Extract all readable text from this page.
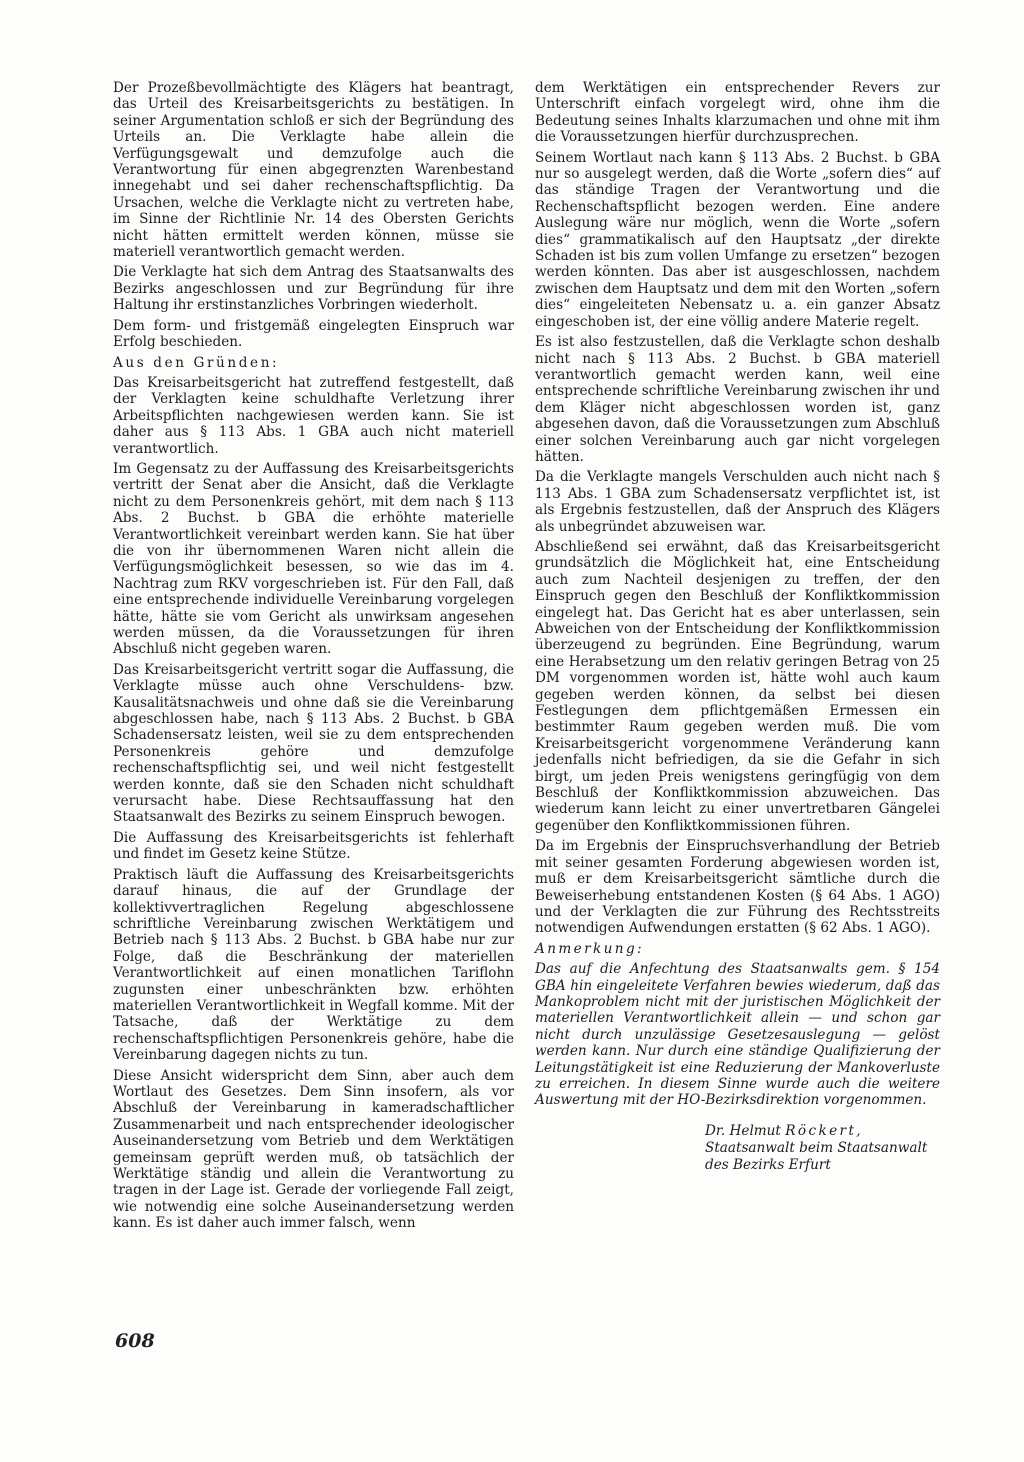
Der Prozeßbevollmächtigte des Klägers hat beantragt, das Urteil des Kreisarbeitsgerichts zu bestätigen. In seiner Argumentation schloß er sich der Begründung des Urteils an. Die Verklagte habe allein die Verfügungsgewalt und demzufolge auch die Verantwortung für einen abgegrenzten Warenbestand innegehabt und sei daher rechenschaftspflichtig. Da Ursachen, welche die Verklagte nicht zu vertreten habe, im Sinne der Richtlinie Nr. 14 des Obersten Gerichts nicht hätten ermittelt werden können, müsse sie materiell verantwortlich gemacht werden.

Die Verklagte hat sich dem Antrag des Staatsanwalts des Bezirks angeschlossen und zur Begründung für ihre Haltung ihr erstinstanzliches Vorbringen wiederholt.

Dem form- und fristgemäß eingelegten Einspruch war Erfolg beschieden.

Aus den Gründen:

Das Kreisarbeitsgericht hat zutreffend festgestellt, daß der Verklagten keine schuldhafte Verletzung ihrer Arbeitspflichten nachgewiesen werden kann. Sie ist daher aus § 113 Abs. 1 GBA auch nicht materiell verantwortlich.

Im Gegensatz zu der Auffassung des Kreisarbeitsgerichts vertritt der Senat aber die Ansicht, daß die Verklagte nicht zu dem Personenkreis gehört, mit dem nach § 113 Abs. 2 Buchst. b GBA die erhöhte materielle Verantwortlichkeit vereinbart werden kann. Sie hat über die von ihr übernommenen Waren nicht allein die Verfügungsmöglichkeit besessen, so wie das im 4. Nachtrag zum RKV vorgeschrieben ist. Für den Fall, daß eine entsprechende individuelle Vereinbarung vorgelegen hätte, hätte sie vom Gericht als unwirksam angesehen werden müssen, da die Voraussetzungen für ihren Abschluß nicht gegeben waren.

Das Kreisarbeitsgericht vertritt sogar die Auffassung, die Verklagte müsse auch ohne Verschuldens- bzw. Kausalitätsnachweis und ohne daß sie die Vereinbarung abgeschlossen habe, nach § 113 Abs. 2 Buchst. b GBA Schadensersatz leisten, weil sie zu dem entsprechenden Personenkreis gehöre und demzufolge rechenschaftspflichtig sei, und weil nicht festgestellt werden konnte, daß sie den Schaden nicht schuldhaft verursacht habe. Diese Rechtsauffassung hat den Staatsanwalt des Bezirks zu seinem Einspruch bewogen.

Die Auffassung des Kreisarbeitsgerichts ist fehlerhaft und findet im Gesetz keine Stütze.

Praktisch läuft die Auffassung des Kreisarbeitsgerichts darauf hinaus, die auf der Grundlage der kollektivvertraglichen Regelung abgeschlossene schriftliche Vereinbarung zwischen Werktätigem und Betrieb nach § 113 Abs. 2 Buchst. b GBA habe nur zur Folge, daß die Beschränkung der materiellen Verantwortlichkeit auf einen monatlichen Tariflohn zugunsten einer unbeschränkten bzw. erhöhten materiellen Verantwortlichkeit in Wegfall komme. Mit der Tatsache, daß der Werktätige zu dem rechenschaftspflichtigen Personenkreis gehöre, habe die Vereinbarung dagegen nichts zu tun.

Diese Ansicht widerspricht dem Sinn, aber auch dem Wortlaut des Gesetzes. Dem Sinn insofern, als vor Abschluß der Vereinbarung in kameradschaftlicher Zusammenarbeit und nach entsprechender ideologischer Auseinandersetzung vom Betrieb und dem Werktätigen gemeinsam geprüft werden muß, ob tatsächlich der Werktätige ständig und allein die Verantwortung zu tragen in der Lage ist. Gerade der vorliegende Fall zeigt, wie notwendig eine solche Auseinandersetzung werden kann. Es ist daher auch immer falsch, wenn

dem Werktätigen ein entsprechender Revers zur Unterschrift einfach vorgelegt wird, ohne ihm die Bedeutung seines Inhalts klarzumachen und ohne mit ihm die Voraussetzungen hierfür durchzusprechen.

Seinem Wortlaut nach kann § 113 Abs. 2 Buchst. b GBA nur so ausgelegt werden, daß die Worte „sofern dies“ auf das ständige Tragen der Verantwortung und die Rechenschaftspflicht bezogen werden. Eine andere Auslegung wäre nur möglich, wenn die Worte „sofern dies“ grammatikalisch auf den Hauptsatz „der direkte Schaden ist bis zum vollen Umfange zu ersetzen“ bezogen werden könnten. Das aber ist ausgeschlossen, nachdem zwischen dem Hauptsatz und dem mit den Worten „sofern dies“ eingeleiteten Nebensatz u. a. ein ganzer Absatz eingeschoben ist, der eine völlig andere Materie regelt.

Es ist also festzustellen, daß die Verklagte schon deshalb nicht nach § 113 Abs. 2 Buchst. b GBA materiell verantwortlich gemacht werden kann, weil eine entsprechende schriftliche Vereinbarung zwischen ihr und dem Kläger nicht abgeschlossen worden ist, ganz abgesehen davon, daß die Voraussetzungen zum Abschluß einer solchen Vereinbarung auch gar nicht vorgelegen hätten.

Da die Verklagte mangels Verschulden auch nicht nach § 113 Abs. 1 GBA zum Schadensersatz verpflichtet ist, ist als Ergebnis festzustellen, daß der Anspruch des Klägers als unbegründet abzuweisen war.

Abschließend sei erwähnt, daß das Kreisarbeitsgericht grundsätzlich die Möglichkeit hat, eine Entscheidung auch zum Nachteil desjenigen zu treffen, der den Einspruch gegen den Beschluß der Konfliktkommission eingelegt hat. Das Gericht hat es aber unterlassen, sein Abweichen von der Entscheidung der Konfliktkommission überzeugend zu begründen. Eine Begründung, warum eine Herabsetzung um den relativ geringen Betrag von 25 DM vorgenommen worden ist, hätte wohl auch kaum gegeben werden können, da selbst bei diesen Festlegungen dem pflichtgemäßen Ermessen ein bestimmter Raum gegeben werden muß. Die vom Kreisarbeitsgericht vorgenommene Veränderung kann jedenfalls nicht befriedigen, da sie die Gefahr in sich birgt, um jeden Preis wenigstens geringfügig von dem Beschluß der Konfliktkommission abzuweichen. Das wiederum kann leicht zu einer unvertretbaren Gängelei gegenüber den Konfliktkommissionen führen.

Da im Ergebnis der Einspruchsverhandlung der Betrieb mit seiner gesamten Forderung abgewiesen worden ist, muß er dem Kreisarbeitsgericht sämtliche durch die Beweiserhebung entstandenen Kosten (§ 64 Abs. 1 AGO) und der Verklagten die zur Führung des Rechtsstreits notwendigen Aufwendungen erstatten (§ 62 Abs. 1 AGO).

Anmerkung:

Das auf die Anfechtung des Staatsanwalts gem. § 154 GBA hin eingeleitete Verfahren bewies wiederum, daß das Mankoproblem nicht mit der juristischen Möglichkeit der materiellen Verantwortlichkeit allein — und schon gar nicht durch unzulässige Gesetzesauslegung — gelöst werden kann. Nur durch eine ständige Qualifizierung der Leitungstätigkeit ist eine Reduzierung der Mankoverluste zu erreichen. In diesem Sinne wurde auch die weitere Auswertung mit der HO-Bezirksdirektion vorgenommen.

Dr. Helmut Röckert,
Staatsanwalt beim Staatsanwalt
des Bezirks Erfurt
608
